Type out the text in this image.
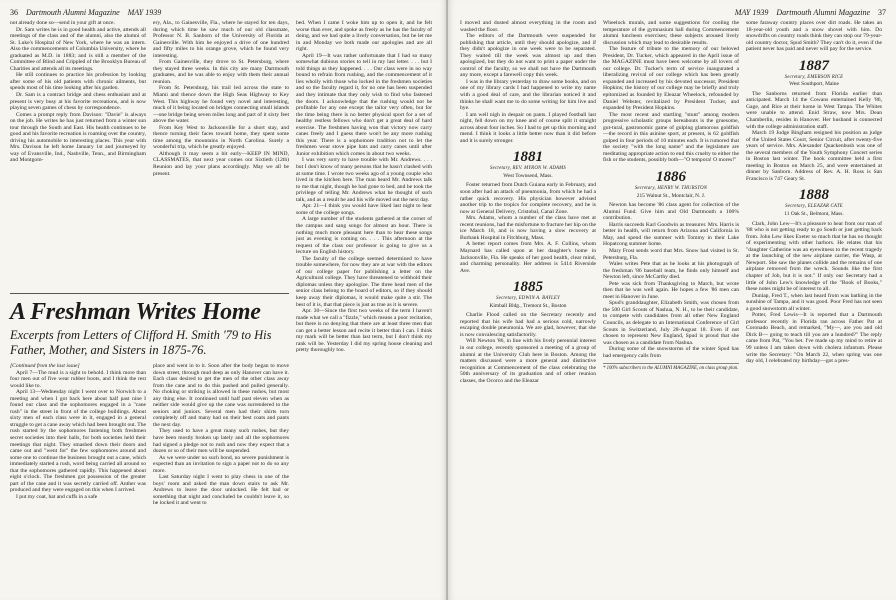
36 Dartmouth Alumni Magazine MAY 1939

not already done so—send in your gift at once.

Dr. Sam writes he is in good health and active, attends all meetings of the class and of the alumni, also the alumni of St. Luke's Hospital of New York, where he was an intern. Also the commencements of Columbia University, where he graduated as M.D. in 1883; and is still a member of the Committee of Blind and Crippled of the Brooklyn Bureau of Charities and attends all its meetings.

He still continues to practice his profession by looking after some of his old patients with chronic ailments, but spends most of his time looking after his garden.

Dr. Sam is a contract bridge and chess enthusiast and at present is very busy at his favorite recreations, and is now playing seven games of chess by correspondence.

Comes a prompt reply from Davison: "Davie" is always on the job. He writes he has just returned from a winter sun tour through the South and East. His health continues to be good and his favorite recreation is roaming over the country, driving his automobile to interesting places. This year with Mrs. Davison he left home January 1st and journeyed by way of Evansville, Ind., Nashville, Tenn., and Birmingham and Montgom-

ery, Ala., to Gainesville, Fla., where he stayed for ten days, during which time he saw much of our old classmate, Professor N. B. Sanborn of the University of Florida at Gainesville. With him he enjoyed a drive of one hundred and fifty miles to his orange grove, which he found very interesting.

From Gainesville, they drove to St. Petersburg, where they stayed three weeks. In this city are many Dartmouth graduates, and he was able to enjoy with them their annual reunion.

From St. Petersburg, his trail led across the state to Miami and thence down the High Seas Highway to Key West. This highway he found very novel and interesting, much of it being located on bridges connecting small islands—one bridge being seven miles long and part of it sixty feet above the water.

From Key West to Jacksonville for a short stay, and thence turning their faces toward home, they spent some time among the mountains in North Carolina. Surely a wonderful trip, which he greatly enjoyed.

Although it may seem a bit early—KEEP IN MIND, CLASSMATES, that next year comes our Sixtieth (12th) Reunion and lay your plans accordingly. May we all be present.

bed. When I came I woke him up to open it, and he felt worse than ever, and spoke as freely as he has the faculty of doing, and we had quite a lively conversation, but he let me in and Monday we both made our apologies and are all right.

April 19—It was rather unfortunate that I had so many somewhat dubious stories to tell in my last letter. . . . but I told things as they happened. . . . Our class were in no way bound to refrain from rushing, and the commencement of it lies wholly with those who locked in the freshmen societies and so the faculty regard it, for no one has been suspended and they intimate that they only wish to find who fastened the doors. I acknowledge that the rushing would not be profitable for any one except the tailor very often, but for the time being there is no better physical sport for a set of healthy restless fellows who don't get a great deal of hard exercise. The freshmen having won that victory now carry canes freely and I guess there won't be any more rushing this year. There is a sophomore tradition not to let the freshmen wear stove pipe hats and carry canes until after Junior exhibition which comes in about two weeks.

I was very sorry to have trouble with Mr. Andrews. . . . but I don't know of many persons that he hasn't clashed with at some time. I wrote two weeks ago of a young couple who lived in the kitchen here. The man heard Mr. Andrews talk to me that night, though he had gone to bed, and he took the privilege of telling Mr. Andrews what he thought of such talk, and as a result he and his wife moved out the next day.

Apr. 21—I think you would have liked last night to hear some of the college songs.

A large number of the students gathered at the corner of the campus and sang songs for almost an hour. There is nothing much more pleasant here than to hear these songs just as evening is coming on. . . . This afternoon at the request of the class our professor is going to give us a lecture on English history.

The faculty of the college seemed determined to have trouble somewhere, for now they are at war with the editors of our college paper for publishing a letter on the Agricultural college. They have threatened to withhold their diplomas unless they apologize. The three head men of the senior class belong to the board of editors, so if they should keep away their diplomas, it would make quite a stir. The best of it is, that that piece is just as true as it is severe.

Apr. 30—Since the first two weeks of the term I haven't made what we call a "fizzle," which means a poor recitation, but there is no denying that there are at least three men that can get a better lesson and recite it better than I can. I think my mark will be better than last term, but I don't think my rank will be. Yesterday I did my spring house cleaning and pretty thoroughly too.

A Freshman Writes Home
Excerpts from Letters of Clifford H. Smith '79 to His Father, Mother, and Sisters in 1875-76.

[Continued from the last issue]

April 7—The mud is a sight to behold. I think more than four men out of five wear rubber boots, and I think the rest would like to.

April 13—Wednesday night I went over to Norwich to a meeting and when I got back here about half past nine I found our class and the sophomores engaged in a "cane rush" in the street in front of the college buildings. About sixty men of each class were in it, engaged in a general struggle to get a cane away which had been brought out. The rush started by the sophomores fastening both freshmen secret societies into their halls, for both societies held their meetings that night. They smashed down their doors and came out and "went for" the few sophomores around and some one to continue the business brought out a cane, which immediately started a rush, word being carried all around so that the sophomores gathered rapidly. This happened about eight o'clock. The freshmen got possession of the greater part of the cane and it was secretly carried off. Anther was produced and they were engaged on this when I arrived.

I put my coat, hat and cuffs in a safe

place and went in to it. Soon after the body began to move down street, through mud deep as only Hanover can have it. Each class desired to get the men of the other class away from the cane and to do this pushed and pulled generally. No choking or striking is allowed in these rushes, but most any thing else. It continued until half past eleven when as neither side would give up the cane was surrendered to the seniors and juniors. Several men had their shirts torn completely off and many had on their best coats and pants the next day.

They used to have a great many such rushes, but they have been mostly broken up lately and all the sophomores had signed a pledge not to rush and now they expect that a dozen or so of their men will be suspended.

As we were under no such bond, no severe punishment is expected than an invitation to sign a paper not to do so any more.

Last Saturday night I went to play chess in one of the boys' room and asked the man down stairs to ask Mr. Andrews to leave the door unlocked. He felt bad or something that night and concluded he couldn't leave it, so he locked it and went to

MAY 1939 Dartmouth Alumni Magazine 37

I moved and dusted almost everything in the room and washed the floor.

The editors of the Dartmouth were suspended for publishing that article, until they should apologize, and if they didn't apologize in one week were to be separated. They waited till the week was almost up and then apologized, but they do not want to print a paper under the control of the faculty, so we shall not have the Dartmouth any more, except a farewell copy this week.

I was in the library yesterday to draw some books, and on one of my library cards I had happened to write my name with a good deal of care, and the librarian noticed it and thinks he shall want me to do some writing for him live and bye.

I am well nigh in despair on pants. I played football last night, fell down on my knee and of course split it straight across about four inches. So I had to get up this morning and mend. I think it looks a little better now than it did before and it is surely stronger.

1881
Secretary, REV. MYRON W. ADAMS
West Townsend, Mass.

Foster returned from Dutch Guiana early in February, and soon after had an attack of pneumonia, from which he had a rather quick recovery. His physician however advised another trip to the tropics for complete recovery, and he is now at General Delivery, Cristobal, Canal Zone.

Mrs. Adams, whom a number of the class have met at recent reunions, had the misfortune to fracture her hip on the ice March 18, and is now having a slow recovery at Burbank Hospital in Fitchburg, Mass.

A better report comes from Mrs. A. F. Collins, whom Maynard has called upon at her daughter's home in Jacksonville, Fla. He speaks of her good health, clear mind, and charming personality. Her address is 5414 Riverside Ave.

1885
Secretary, EDWIN A. BAYLEY
Kimball Bldg., Tremont St., Boston

Charlie Flood called on the Secretary recently and reported that his wife had had a serious cold, narrowly escaping double pneumonia. We are glad, however, that she is now convalescing satisfactorily.

Will Newton '86, in line with his lively perennial interest in our college, recently sponsored a meeting of a group of alumni at the University Club here in Boston. Among the matters discussed were a more general and distinctive recognition at Commencement of the class celebrating the 50th anniversary of its graduation and of other reunion classes, the Ocorco and the Eleazar

Wheelock murals, and some suggestions for cooling the temperature of the gymnasium hall during Commencement alumni luncheon exercises; these subjects aroused lively discussion which may lead to desirable results.

The feature of tribute to the memory of our beloved President, Dr. Tucker, which appeared in the April issue of the MAGAZINE must have been welcome by all lovers of our college. Dr. Tucker's term of service inaugurated a liberalizing revival of our college which has been greatly expanded and increased by his devoted successor, President Hopkins; the history of our college may be briefly and truly epitomized as founded by Eleazar Wheelock, refounded by Daniel Webster, revitalized by President Tucker, and expanded by President Hopkins.

The most recent and startling "stunt" among modern progressive scholastic groups hereabouts is the gruesome, gut-tural, gastronomic game of gulping glamorous goldfish—the record in this asinine sport, at present, is 62 goldfish gulped in four periods of 10 minutes each. It is rumored that the society "with the long name" and the legislature are meditating appropriate action to end this cruelty to either the fish or the students, possibly both—"O tempora! O mores!"

1886
Secretary, HENRY W. THURSTON
215 Walnut St., Montclair, N. J.

Newton has become '86 class agent for collection of the Alumni Fund. Give him and Old Dartmouth a 100% contribution.

Harris succeeds Karl Goodwin as treasurer. Mrs. Harris is better in health, will return from Arizona and California in May, and spend the summer with Tommy in their Lake Hopatcong summer home.

Mary Frost sends word that Mrs. Snow had visited in St. Petersburg, Fla.

Wales writes Pete that as he looks at his photograph of the freshman '86 baseball team, he finds only himself and Newton left, since McCarthy died.

Pete was sick from Thanksgiving to March, but wrote then that he was well again. He hopes a few '86 men can meet in Hanover in June.

Spud's granddaughter, Elizabeth Smith, was chosen from the 500 Girl Scouts of Nashua, N. H., to be their candidate, to compete with candidates from all other New England Councils, as delegate to an International Conference of Girl Scouts in Switzerland, July 28-August 18. Even if not chosen to represent New England, Spud is proud that she was chosen as a candidate from Nashua.

During some of the snowstorms of the winter Spud has had emergency calls from

* 100% subscribers to the ALUMNI MAGAZINE, on class group plan.

some faraway country places over dirt roads. He takes an 18-year-old youth and a snow shovel with him. Do snowdrifts on country roads think they can stop our 79-year-old country doctor, Spud Smith? They can't do it, even if the patient never has paid and never will pay for the service.

1887
Secretary, EMERSON RICE
West Southport, Maine

The Sanborns returned from Florida earlier than anticipated. March 14 the Cowans entertained Kelly '86, Gage, and Rice at their home in West Tampa. The Whites were unable to attend. Enid Straw, now Mrs. Dean Chamberlin, resides in Hanover. Her husband is connected with the college administration staff.

March 19 Judge Bingham resigned his position as judge of the United States Court, Senior Circuit, after twenty-five years of service. Mrs. Alexander Quackenbush was one of the several members of the Youth Symphony Concert series in Boston last winter. The book committee held a first meeting in Boston on March 25, and were entertained at dinner by Sanborn. Address of Rev. A. H. Ross is San Francisco is 747 Geary St.

1888
Secretary, ELEAZAR CATE
11 Oak St., Belmont, Mass.

Clark, John Lew—It's a pleasure to hear from our man of '88 who is not getting ready to go South or just getting back from. John Lew likes Exeter so much that he has no thought of experimenting with other harbors. He relates that his "daughter Catherine was an eyewitness to the recent tragedy at the launching of the new airplane carrier, the Wasp, at Newport. She saw the planes collide and the remains of one airplane removed from the wreck. Sounds like the first chapter of Job, but it is not." If only our Secretary had a little of John Lew's knowledge of the "Book of Books," these notes might be of interest to all.

Dunlap, Fred T., when last heard from was bathing in the sunshine of Tampa, and it was good. Poor Fred has not seen a good snowstorm all winter.

Potter, Fred Lewis—It is reported that a Dartmouth professor recently in Florida ran across Father Pat at Coronado Beach, and remarked, "My—, are you and old Dick B— going to teach till you are a hundred?" The reply came from Pat, "You bet. I've made up my mind to retire at 99 unless I am taken down with cholera infantum. Please write the Secretary: "On March 22, when spring was one day old, I celebrated my birthday—got a pres-
